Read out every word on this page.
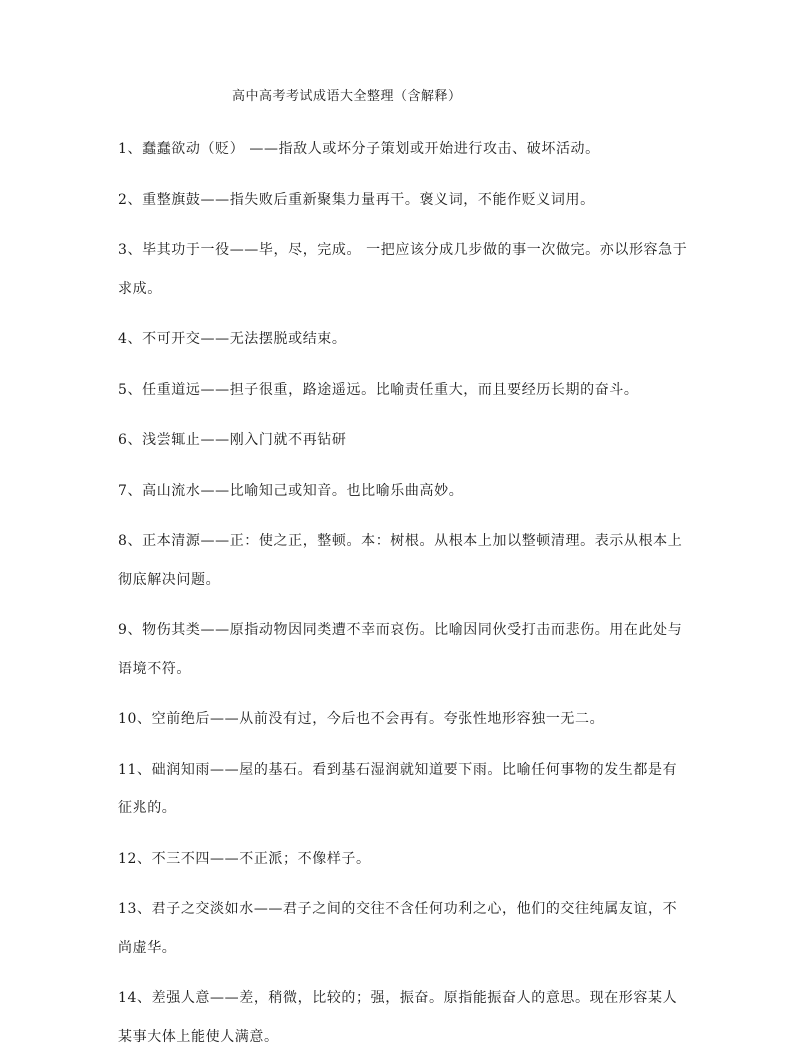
高中高考考试成语大全整理（含解释）
1、蠢蠢欲动（贬） ——指敌人或坏分子策划或开始进行攻击、破坏活动。
2、重整旗鼓——指失败后重新聚集力量再干。褒义词，不能作贬义词用。
3、毕其功于一役——毕，尽，完成。 一把应该分成几步做的事一次做完。亦以形容急于求成。
4、不可开交——无法摆脱或结束。
5、任重道远——担子很重，路途遥远。比喻责任重大，而且要经历长期的奋斗。
6、浅尝辄止——刚入门就不再钻研
7、高山流水——比喻知己或知音。也比喻乐曲高妙。
8、正本清源——正：使之正，整顿。本：树根。从根本上加以整顿清理。表示从根本上彻底解决问题。
9、物伤其类——原指动物因同类遭不幸而哀伤。比喻因同伙受打击而悲伤。用在此处与语境不符。
10、空前绝后——从前没有过，今后也不会再有。夸张性地形容独一无二。
11、础润知雨——屋的基石。看到基石湿润就知道要下雨。比喻任何事物的发生都是有征兆的。
12、不三不四——不正派；不像样子。
13、君子之交淡如水——君子之间的交往不含任何功利之心，他们的交往纯属友谊，不尚虚华。
14、差强人意——差，稍微，比较的；强，振奋。原指能振奋人的意思。现在形容某人某事大体上能使人满意。
